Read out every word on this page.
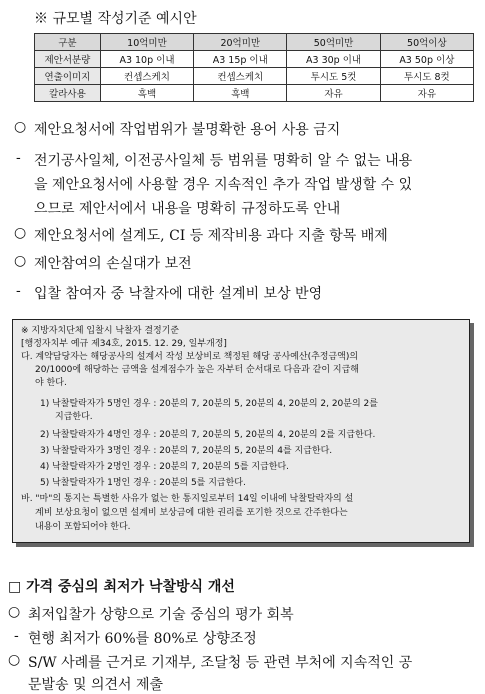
※ 규모별 작성기준 예시안
구분	10억미만	20억미만	50억미만	50억이상
제안서분량	A3 10p 이내	A3 15p 이내	A3 30p 이내	A3 50p 이상
연출이미지	컨셉스케치	컨셉스케치	투시도 5컷	투시도 8컷
칼라사용	흑백	흑백	자유	자유
○ 제안요청서에 작업범위가 불명확한 용어 사용 금지
- 전기공사일체, 이전공사일체 등 범위를 명확히 알 수 없는 내용
을 제안요청서에 사용할 경우 지속적인 추가 작업 발생할 수 있
으므로 제안서에서 내용을 명확히 규정하도록 안내
○ 제안요청서에 설계도, CI 등 제작비용 과다 지출 항목 배제
○ 제안참여의 손실대가 보전
- 입찰 참여자 중 낙찰자에 대한 설계비 보상 반영
※ 지방자치단체 입찰시 낙찰자 결정기준
[행정자치부 예규 제34호, 2015. 12. 29, 일부개정]
다. 계약담당자는 해당공사의 설계서 작성 보상비로 책정된 해당 공사예산(추정금액)의
20/1000에 해당하는 금액을 설계점수가 높은 자부터 순서대로 다음과 같이 지급해
야 한다.
1) 낙찰탈락자가 5명인 경우 : 20분의 7, 20분의 5, 20분의 4, 20분의 2, 20분의 2를
지급한다.
2) 낙찰탈락자가 4명인 경우 : 20분의 7, 20분의 5, 20분의 4, 20분의 2를 지급한다.
3) 낙찰탈락자가 3명인 경우 : 20분의 7, 20분의 5, 20분의 4를 지급한다.
4) 낙찰탈락자가 2명인 경우 : 20분의 7, 20분의 5를 지급한다.
5) 낙찰탈락자가 1명인 경우 : 20분의 5를 지급한다.
바. "마"의 통지는 특별한 사유가 없는 한 통지일로부터 14일 이내에 낙찰탈락자의 설
계비 보상요청이 없으면 설계비 보상금에 대한 권리를 포기한 것으로 간주한다는
내용이 포함되어야 한다.
□ 가격 중심의 최저가 낙찰방식 개선
○ 최저입찰가 상향으로 기술 중심의 평가 회복
- 현행 최저가 60%를 80%로 상향조정
○ S/W 사례를 근거로 기재부, 조달청 등 관련 부처에 지속적인 공
문발송 및 의견서 제출
